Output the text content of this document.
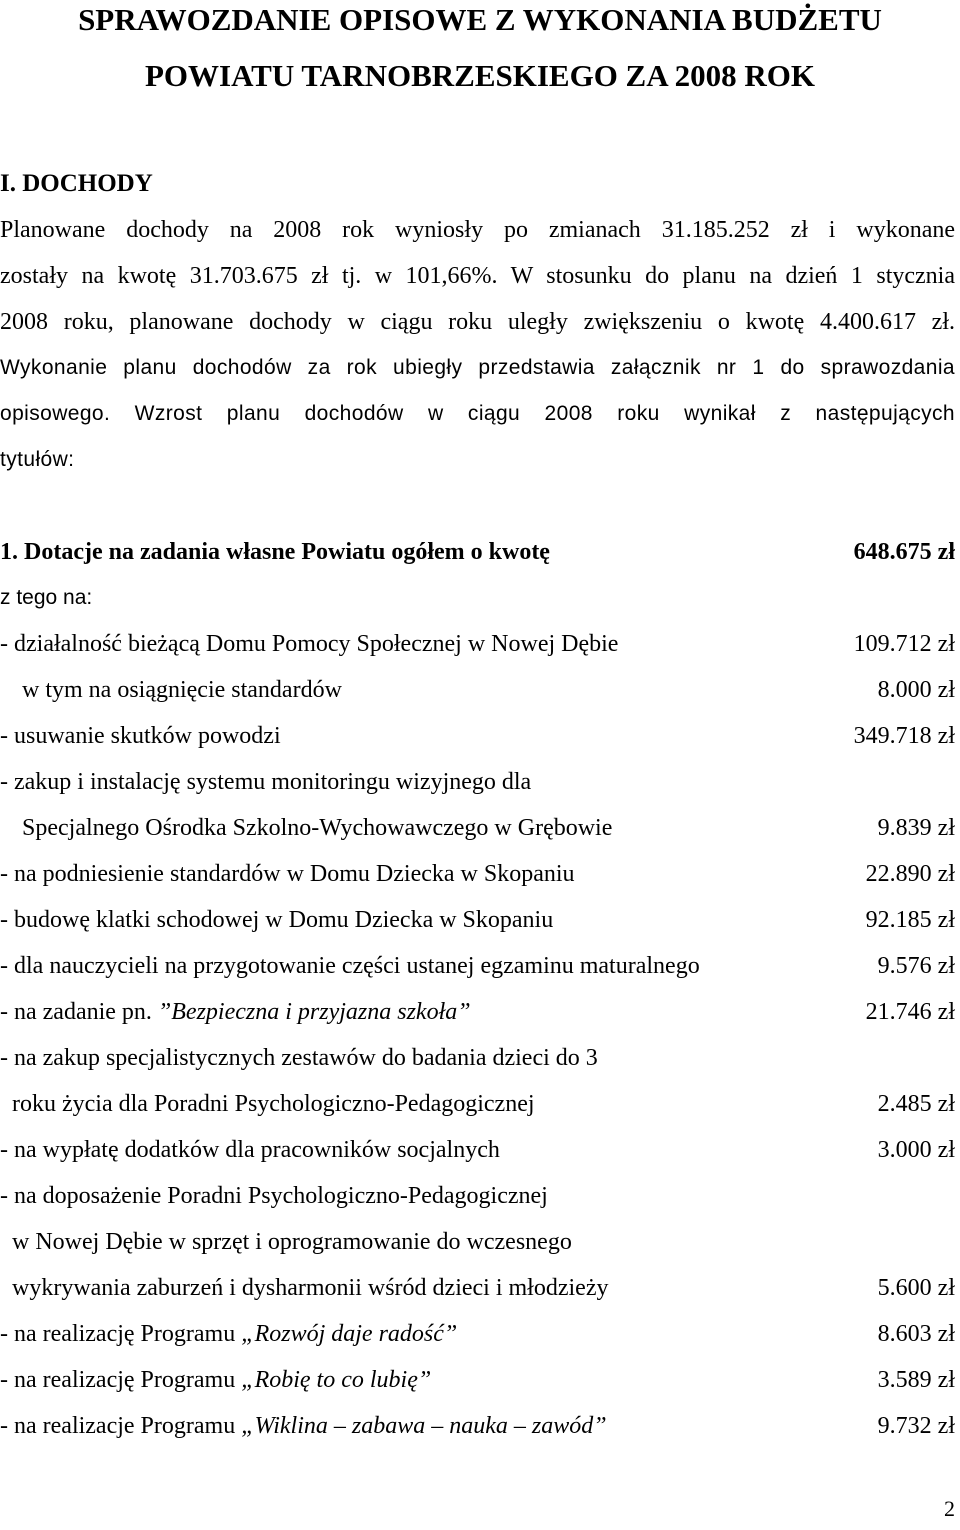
SPRAWOZDANIE OPISOWE Z WYKONANIA BUDŻETU
POWIATU TARNOBRZESKIEGO ZA 2008 ROK
I. DOCHODY
Planowane dochody na 2008 rok wyniosły po zmianach 31.185.252 zł i wykonane
zostały na kwotę 31.703.675 zł tj. w 101,66%. W stosunku do planu na dzień 1 stycznia
2008 roku, planowane dochody w ciągu roku uległy zwiększeniu o kwotę 4.400.617 zł.
Wykonanie planu dochodów za rok ubiegły przedstawia załącznik nr 1 do sprawozdania
opisowego. Wzrost planu dochodów w ciągu 2008 roku wynikał z następujących
tytułów:
1. Dotacje na zadania własne Powiatu ogółem o kwotę	648.675 zł
z tego na:
- działalność bieżącą Domu Pomocy Społecznej w Nowej Dębie	109.712 zł
w tym na osiągnięcie standardów	8.000 zł
- usuwanie skutków powodzi	349.718 zł
- zakup i instalację systemu monitoringu wizyjnego dla
Specjalnego Ośrodka Szkolno-Wychowawczego w Grębowie	9.839 zł
- na podniesienie standardów w Domu Dziecka w Skopaniu	22.890 zł
- budowę klatki schodowej w Domu Dziecka w Skopaniu	92.185 zł
- dla nauczycieli na przygotowanie części ustanej egzaminu maturalnego	9.576 zł
- na zadanie pn. ”Bezpieczna i przyjazna szkoła”	21.746 zł
- na zakup specjalistycznych zestawów do badania dzieci do 3
roku życia dla Poradni Psychologiczno-Pedagogicznej	2.485 zł
- na wypłatę dodatków dla pracowników socjalnych	3.000 zł
- na doposażenie Poradni Psychologiczno-Pedagogicznej
w Nowej Dębie w sprzęt i oprogramowanie do wczesnego
wykrywania zaburzeń i dysharmonii wśród dzieci i młodzieży	5.600 zł
- na realizację Programu „Rozwój daje radość”	8.603 zł
- na realizację Programu „Robię to co lubię”	3.589 zł
- na realizacje Programu „Wiklina – zabawa – nauka – zawód”	9.732 zł
2
